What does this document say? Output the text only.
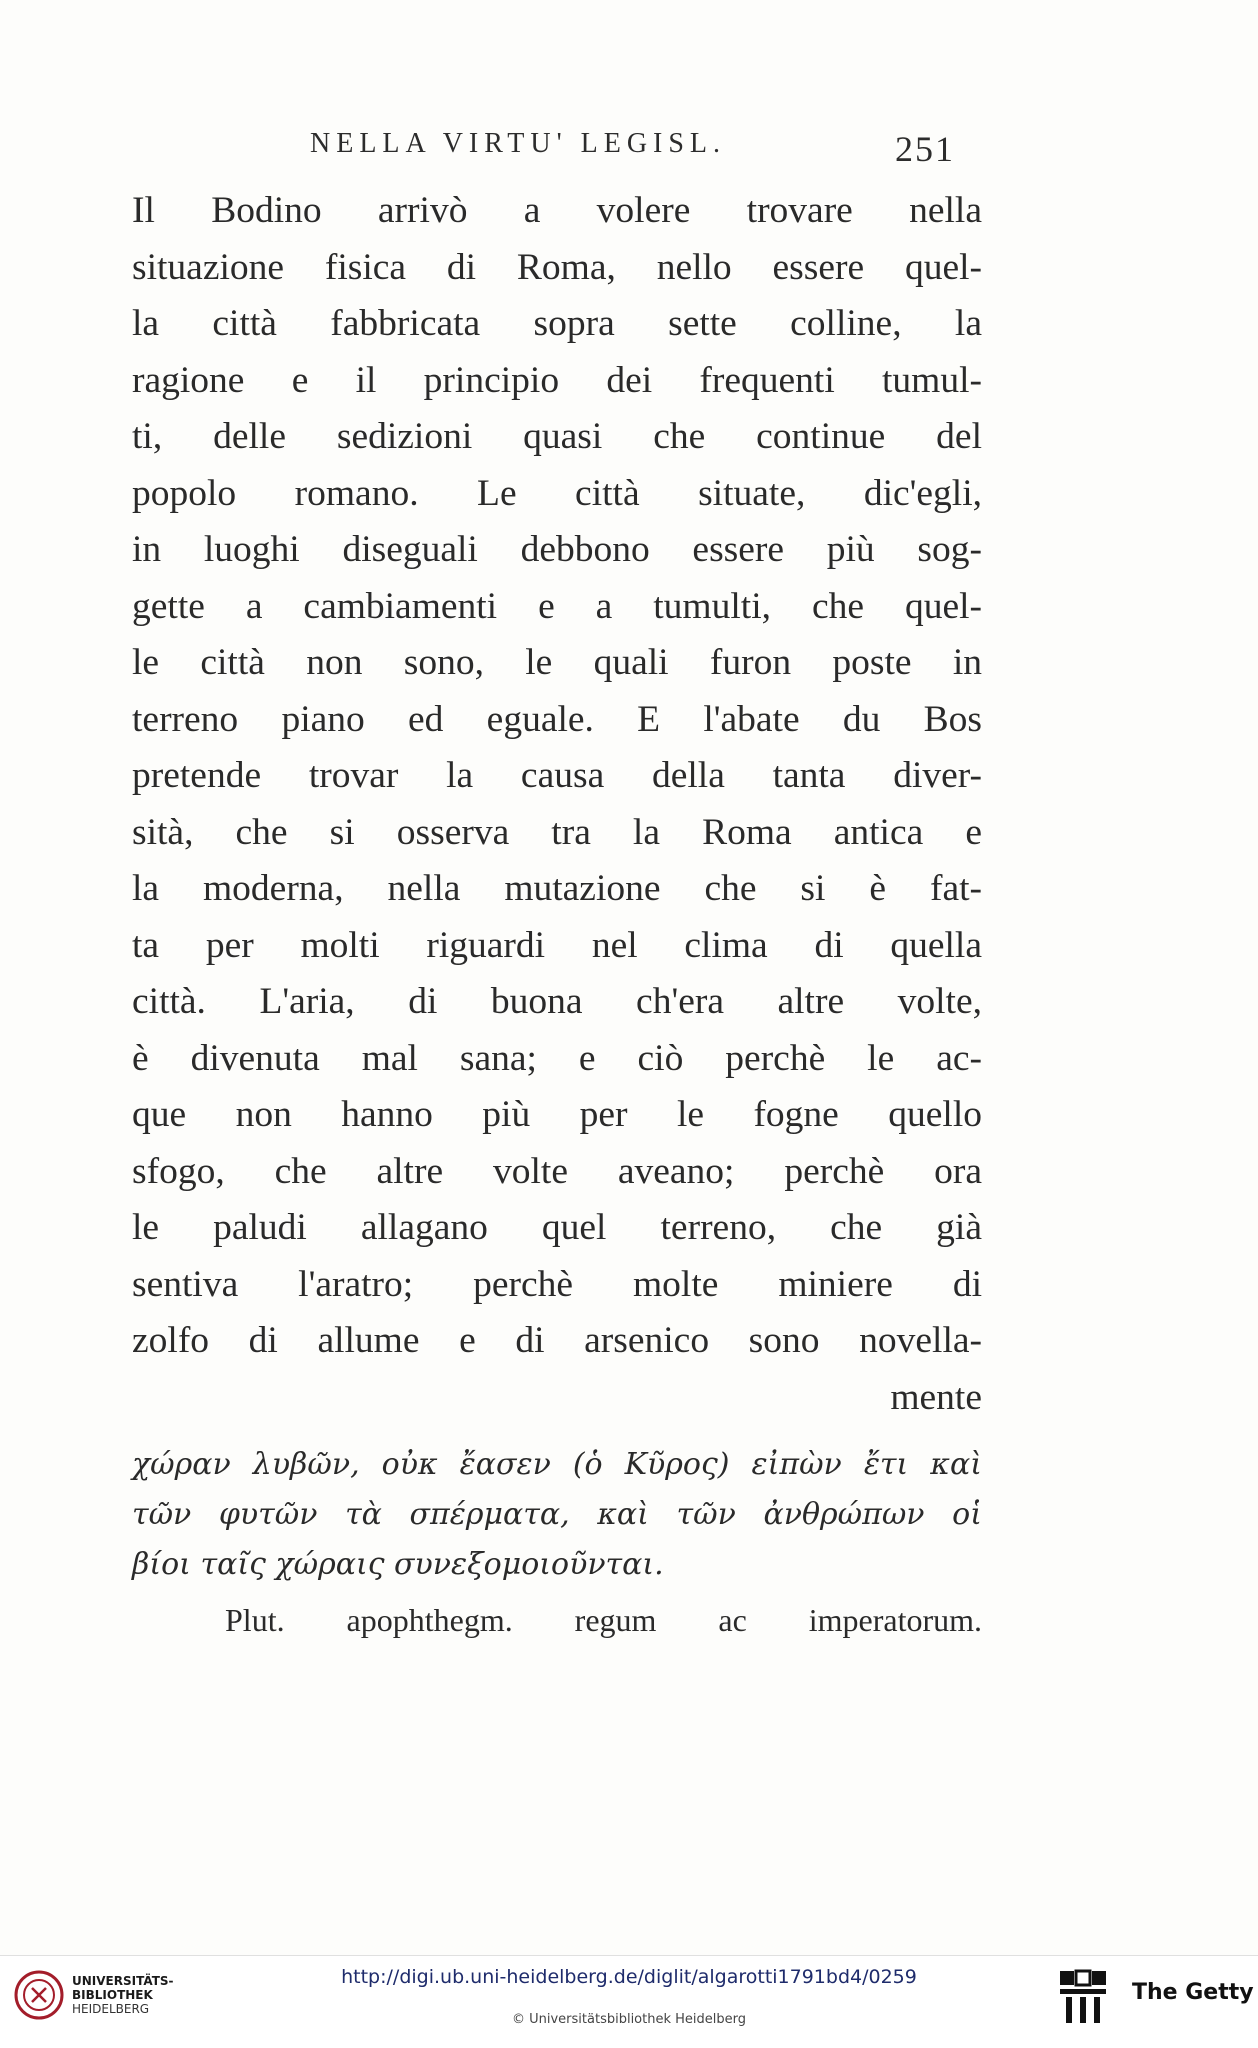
NELLA VIRTU' LEGISL.	251
Il Bodino arrivò a volere trovare nella
situazione fisica di Roma, nello essere quel-
la città fabbricata sopra sette colline, la
ragione e il principio dei frequenti tumul-
ti, delle sedizioni quasi che continue del
popolo romano. Le città situate, dic'egli,
in luoghi diseguali debbono essere più sog-
gette a cambiamenti e a tumulti, che quel-
le città non sono, le quali furon poste in
terreno piano ed eguale. E l'abate du Bos
pretende trovar la causa della tanta diver-
sità, che si osserva tra la Roma antica e
la moderna, nella mutazione che si è fat-
ta per molti riguardi nel clima di quella
città. L'aria, di buona ch'era altre volte,
è divenuta mal sana; e ciò perchè le ac-
que non hanno più per le fogne quello
sfogo, che altre volte aveano; perchè ora
le paludi allagano quel terreno, che già
sentiva l'aratro; perchè molte miniere di
zolfo di allume e di arsenico sono novella-
mente
χώραν λυβῶν, οὐκ ἔασεν (ὁ Κῦρος) εἰπὼν ἔτι καὶ
τῶν φυτῶν τὰ σπέρματα, καὶ τῶν ἀνθρώπων οἱ
βίοι ταῖς χώραις συνεξομοιοῦνται.
Plut. apophthegm. regum ac imperatorum.
UNIVERSITÄTS-
BIBLIOTHEK
HEIDELBERG
http://digi.ub.uni-heidelberg.de/diglit/algarotti1791bd4/0259
© Universitätsbibliothek Heidelberg
The Getty
